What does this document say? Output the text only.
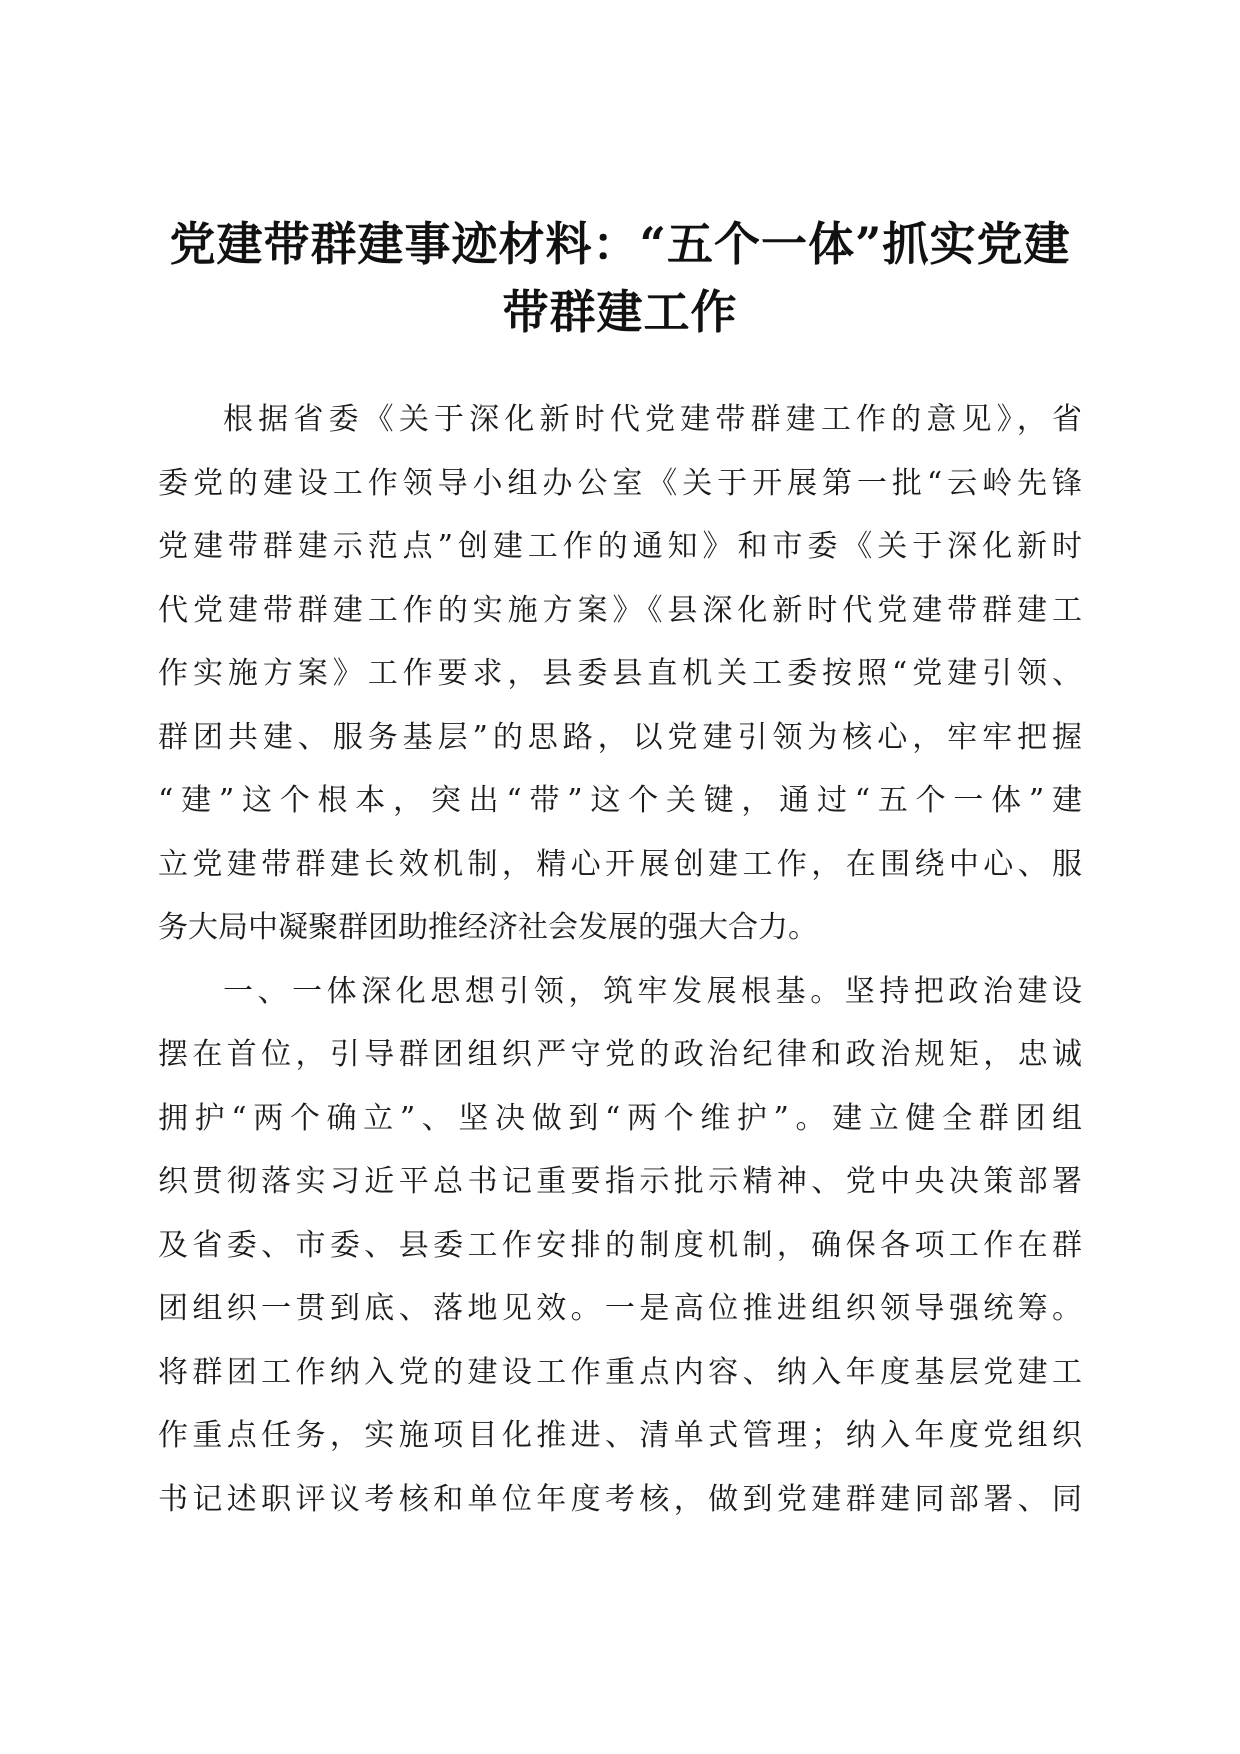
党建带群建事迹材料：“五个一体”抓实党建
带群建工作
根据省委《关于深化新时代党建带群建工作的意见》，省
委党的建设工作领导小组办公室《关于开展第一批“云岭先锋
党建带群建示范点”创建工作的通知》和市委《关于深化新时
代党建带群建工作的实施方案》《县深化新时代党建带群建工
作实施方案》工作要求，县委县直机关工委按照“党建引领、
群团共建、服务基层”的思路，以党建引领为核心，牢牢把握
“建”这个根本，突出“带”这个关键，通过“五个一体”建
立党建带群建长效机制，精心开展创建工作，在围绕中心、服
务大局中凝聚群团助推经济社会发展的强大合力。
一、一体深化思想引领，筑牢发展根基。坚持把政治建设
摆在首位，引导群团组织严守党的政治纪律和政治规矩，忠诚
拥护“两个确立”、坚决做到“两个维护”。建立健全群团组
织贯彻落实习近平总书记重要指示批示精神、党中央决策部署
及省委、市委、县委工作安排的制度机制，确保各项工作在群
团组织一贯到底、落地见效。一是高位推进组织领导强统筹。
将群团工作纳入党的建设工作重点内容、纳入年度基层党建工
作重点任务，实施项目化推进、清单式管理；纳入年度党组织
书记述职评议考核和单位年度考核，做到党建群建同部署、同
